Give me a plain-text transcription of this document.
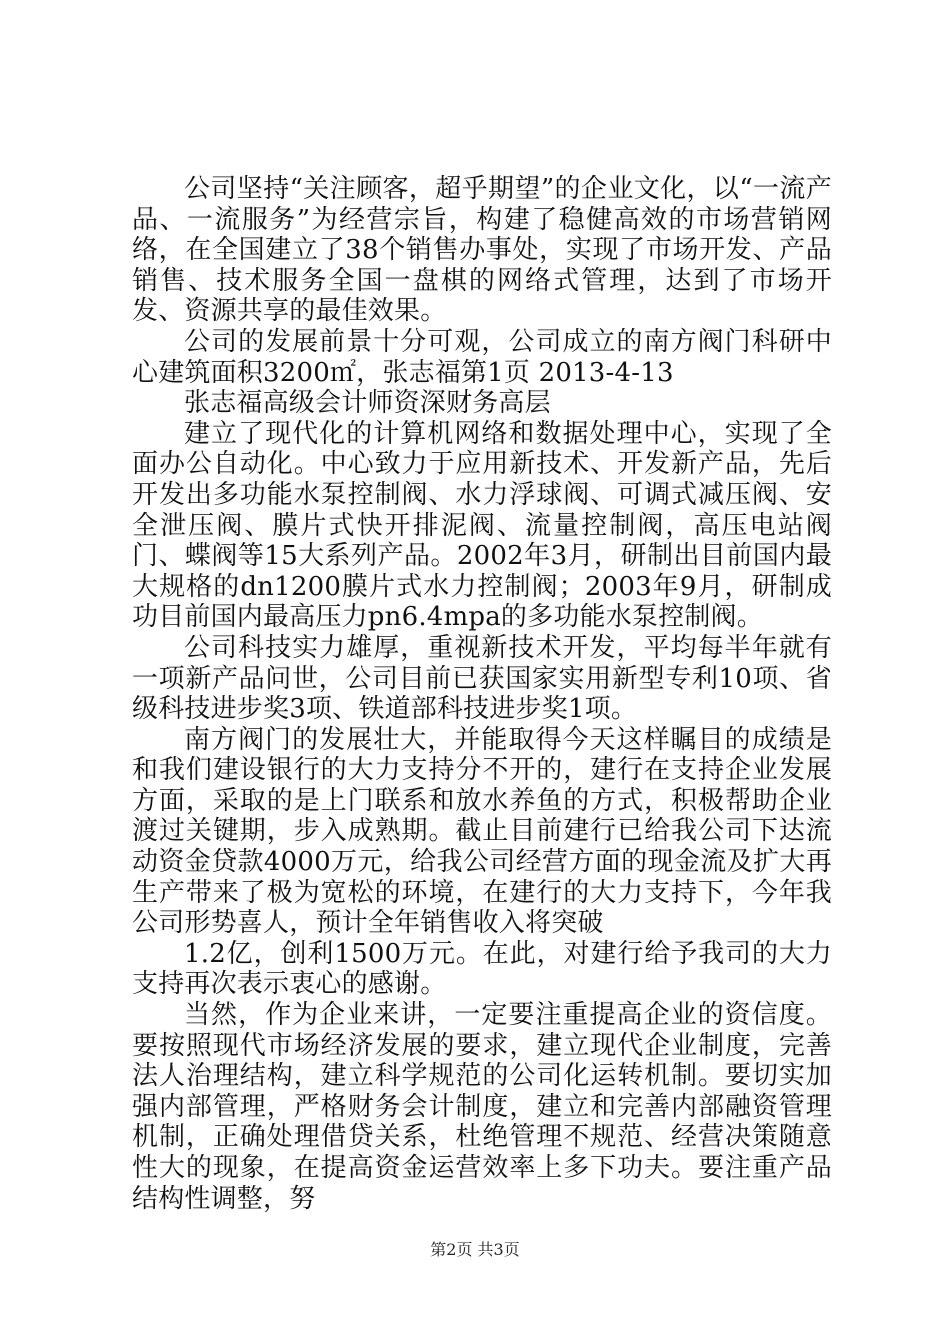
公司坚持“关注顾客，超乎期望”的企业文化，以“一流产品、一流服务”为经营宗旨，构建了稳健高效的市场营销网络，在全国建立了38个销售办事处，实现了市场开发、产品销售、技术服务全国一盘棋的网络式管理，达到了市场开发、资源共享的最佳效果。

公司的发展前景十分可观，公司成立的南方阀门科研中心建筑面积3200㎡，张志福第1页 2013-4-13

张志福高级会计师资深财务高层

建立了现代化的计算机网络和数据处理中心，实现了全面办公自动化。中心致力于应用新技术、开发新产品，先后开发出多功能水泵控制阀、水力浮球阀、可调式减压阀、安全泄压阀、膜片式快开排泥阀、流量控制阀，高压电站阀门、蝶阀等15大系列产品。2002年3月，研制出目前国内最大规格的dn1200膜片式水力控制阀；2003年9月，研制成功目前国内最高压力pn6.4mpa的多功能水泵控制阀。

公司科技实力雄厚，重视新技术开发，平均每半年就有一项新产品问世，公司目前已获国家实用新型专利10项、省级科技进步奖3项、铁道部科技进步奖1项。

南方阀门的发展壮大，并能取得今天这样瞩目的成绩是和我们建设银行的大力支持分不开的，建行在支持企业发展方面，采取的是上门联系和放水养鱼的方式，积极帮助企业渡过关键期，步入成熟期。截止目前建行已给我公司下达流动资金贷款4000万元，给我公司经营方面的现金流及扩大再生产带来了极为宽松的环境，在建行的大力支持下，今年我公司形势喜人，预计全年销售收入将突破

1.2亿，创利1500万元。在此，对建行给予我司的大力支持再次表示衷心的感谢。

当然，作为企业来讲，一定要注重提高企业的资信度。要按照现代市场经济发展的要求，建立现代企业制度，完善法人治理结构，建立科学规范的公司化运转机制。要切实加强内部管理，严格财务会计制度，建立和完善内部融资管理机制，正确处理借贷关系，杜绝管理不规范、经营决策随意性大的现象，在提高资金运营效率上多下功夫。要注重产品结构性调整，努

第2页 共3页
